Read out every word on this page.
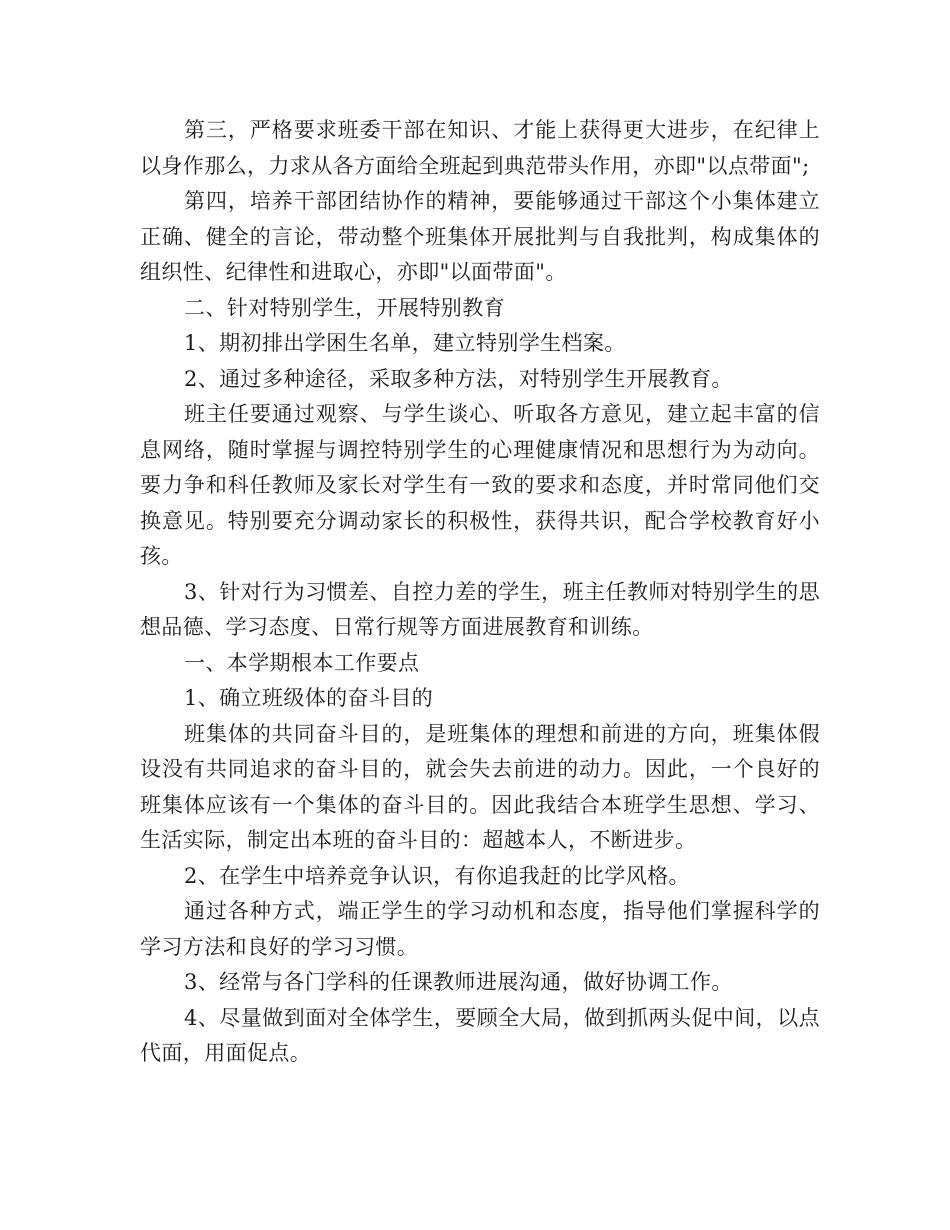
第三，严格要求班委干部在知识、才能上获得更大进步，在纪律上以身作那么，力求从各方面给全班起到典范带头作用，亦即"以点带面";

第四，培养干部团结协作的精神，要能够通过干部这个小集体建立正确、健全的言论，带动整个班集体开展批判与自我批判，构成集体的组织性、纪律性和进取心，亦即"以面带面"。

二、针对特别学生，开展特别教育

1、期初排出学困生名单，建立特别学生档案。

2、通过多种途径，采取多种方法，对特别学生开展教育。

班主任要通过观察、与学生谈心、听取各方意见，建立起丰富的信息网络，随时掌握与调控特别学生的心理健康情况和思想行为为动向。要力争和科任教师及家长对学生有一致的要求和态度，并时常同他们交换意见。特别要充分调动家长的积极性，获得共识，配合学校教育好小孩。

3、针对行为习惯差、自控力差的学生，班主任教师对特别学生的思想品德、学习态度、日常行规等方面进展教育和训练。

一、本学期根本工作要点

1、确立班级体的奋斗目的

班集体的共同奋斗目的，是班集体的理想和前进的方向，班集体假设没有共同追求的奋斗目的，就会失去前进的动力。因此，一个良好的班集体应该有一个集体的奋斗目的。因此我结合本班学生思想、学习、生活实际，制定出本班的奋斗目的：超越本人，不断进步。

2、在学生中培养竞争认识，有你追我赶的比学风格。

通过各种方式，端正学生的学习动机和态度，指导他们掌握科学的学习方法和良好的学习习惯。

3、经常与各门学科的任课教师进展沟通，做好协调工作。

4、尽量做到面对全体学生，要顾全大局，做到抓两头促中间，以点代面，用面促点。
